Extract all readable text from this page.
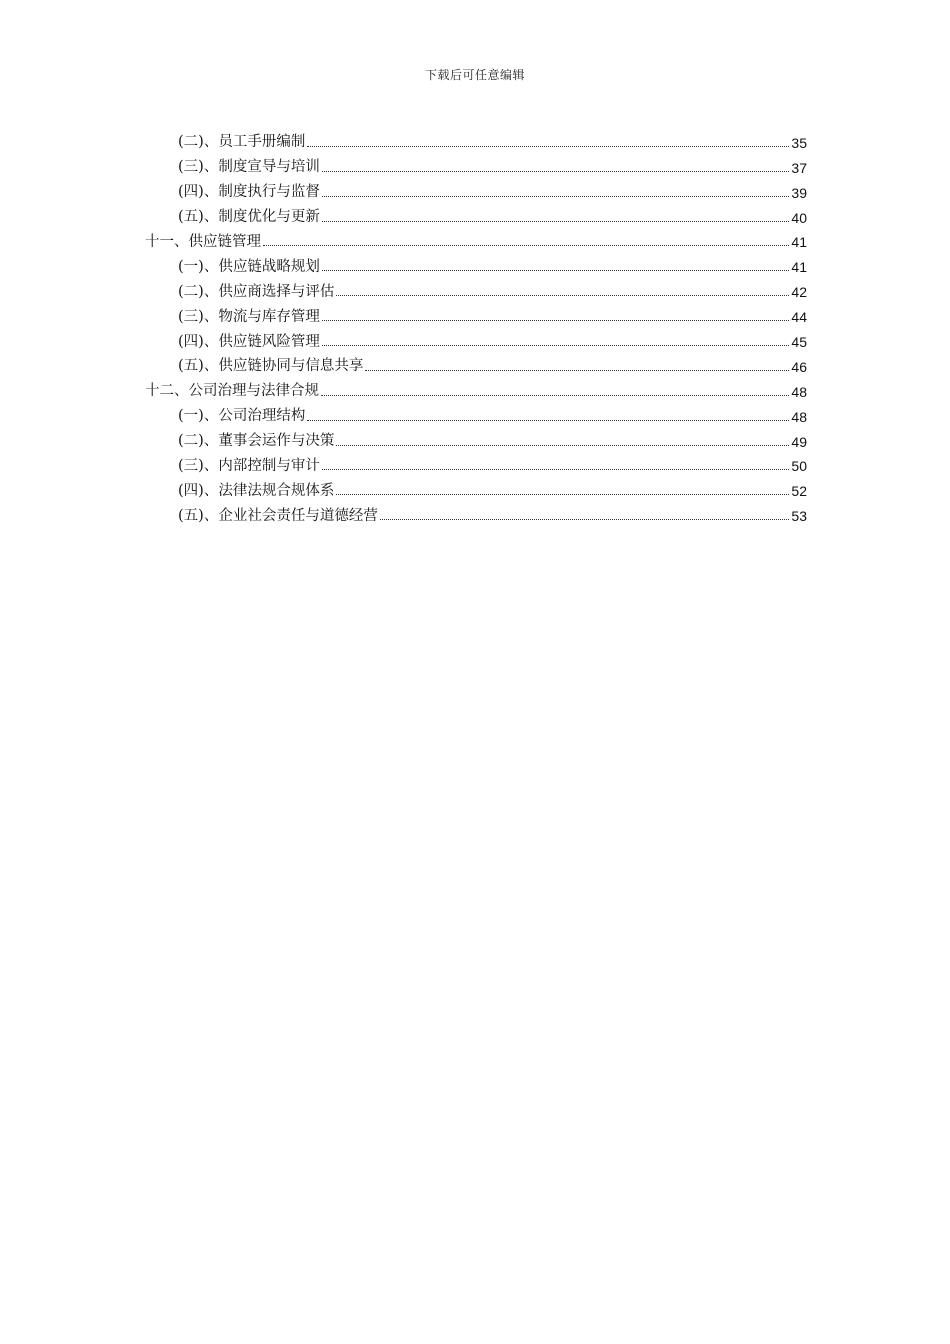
下载后可任意编辑
(二)、员工手册编制	35
(三)、制度宣导与培训	37
(四)、制度执行与监督	39
(五)、制度优化与更新	40
十一、供应链管理	41
(一)、供应链战略规划	41
(二)、供应商选择与评估	42
(三)、物流与库存管理	44
(四)、供应链风险管理	45
(五)、供应链协同与信息共享	46
十二、公司治理与法律合规	48
(一)、公司治理结构	48
(二)、董事会运作与决策	49
(三)、内部控制与审计	50
(四)、法律法规合规体系	52
(五)、企业社会责任与道德经营	53
